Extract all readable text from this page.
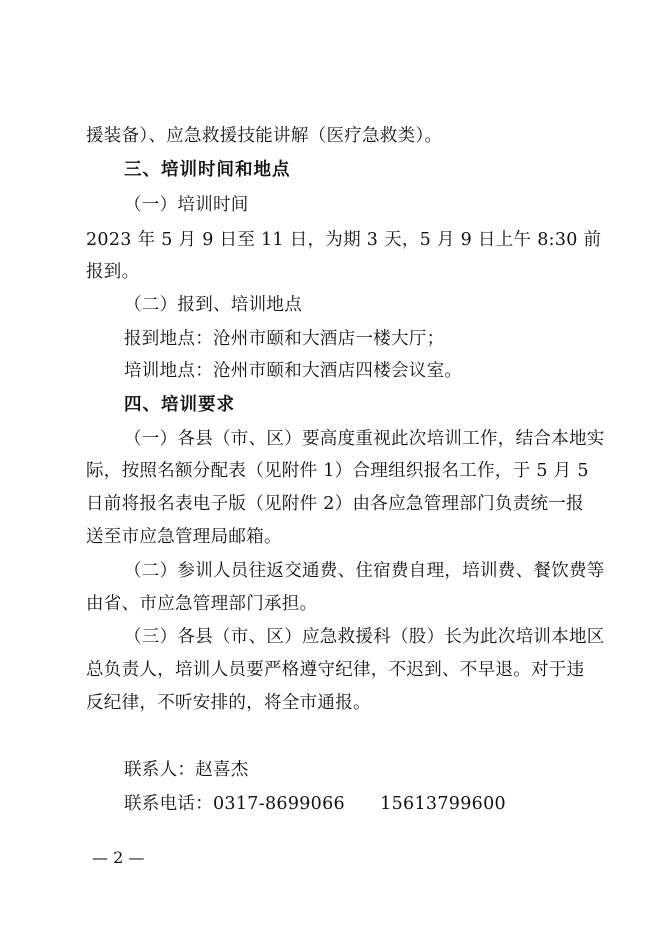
援装备）、应急救援技能讲解（医疗急救类）。
三、培训时间和地点
（一）培训时间
2023 年 5 月 9 日至 11 日，为期 3 天，5 月 9 日上午 8:30 前
报到。
（二）报到、培训地点
报到地点：沧州市颐和大酒店一楼大厅；
培训地点：沧州市颐和大酒店四楼会议室。
四、培训要求
（一）各县（市、区）要高度重视此次培训工作，结合本地实
际，按照名额分配表（见附件 1）合理组织报名工作，于 5 月 5
日前将报名表电子版（见附件 2）由各应急管理部门负责统一报
送至市应急管理局邮箱。
（二）参训人员往返交通费、住宿费自理，培训费、餐饮费等
由省、市应急管理部门承担。
（三）各县（市、区）应急救援科（股）长为此次培训本地区
总负责人，培训人员要严格遵守纪律，不迟到、不早退。对于违
反纪律，不听安排的，将全市通报。
联系人：赵喜杰
联系电话：0317-8699066      15613799600
— 2 —
